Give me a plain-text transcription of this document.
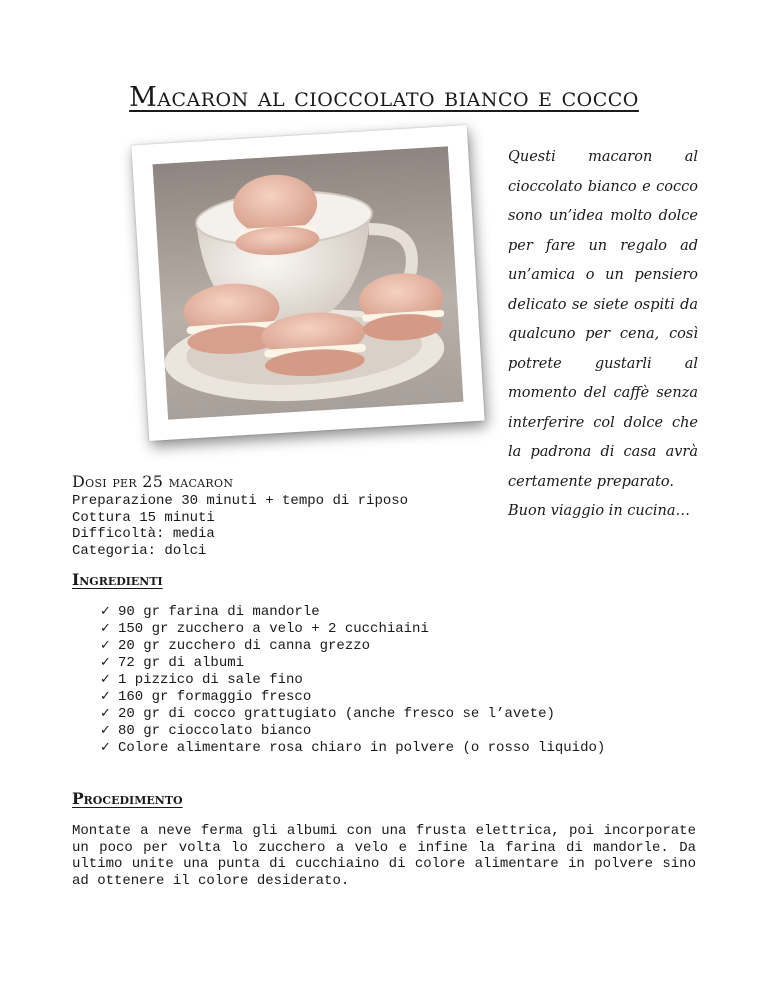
Macaron al cioccolato bianco e cocco

Questi macaron al cioccolato bianco e cocco sono un’idea molto dolce per fare un regalo ad un’amica o un pensiero delicato se siete ospiti da qualcuno per cena, così potrete gustarli al momento del caffè senza interferire col dolce che la padrona di casa avrà certamente preparato.
Buon viaggio in cucina…

Dosi per 25 macaron
Preparazione 30 minuti + tempo di riposo
Cottura 15 minuti
Difficoltà: media
Categoria: dolci
Ingredienti
✓ 90 gr farina di mandorle
✓ 150 gr zucchero a velo + 2 cucchiaini
✓ 20 gr zucchero di canna grezzo
✓ 72 gr di albumi
✓ 1 pizzico di sale fino
✓ 160 gr formaggio fresco
✓ 20 gr di cocco grattugiato (anche fresco se l’avete)
✓ 80 gr cioccolato bianco
✓ Colore alimentare rosa chiaro in polvere (o rosso liquido)
Procedimento

Montate a neve ferma gli albumi con una frusta elettrica, poi incorporate un poco per volta lo zucchero a velo e infine la farina di mandorle. Da ultimo unite una punta di cucchiaino di colore alimentare in polvere sino ad ottenere il colore desiderato.
